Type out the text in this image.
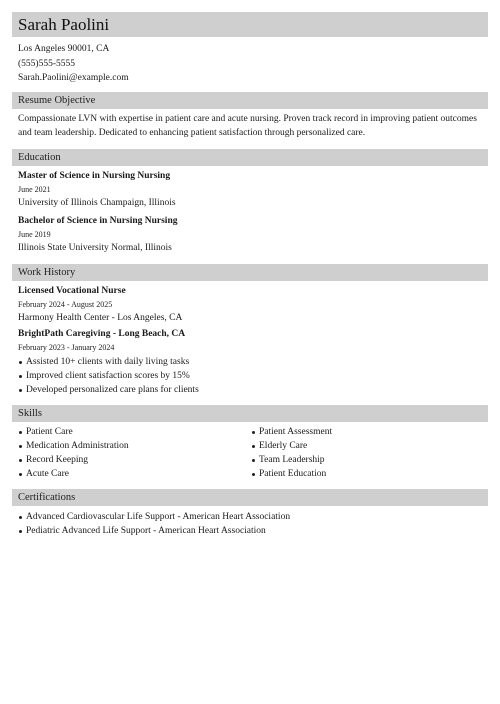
Sarah Paolini
Los Angeles 90001, CA
(555)555-5555
Sarah.Paolini@example.com
Resume Objective
Compassionate LVN with expertise in patient care and acute nursing. Proven track record in improving patient outcomes and team leadership. Dedicated to enhancing patient satisfaction through personalized care.
Education
Master of Science in Nursing Nursing
June 2021
University of Illinois Champaign, Illinois
Bachelor of Science in Nursing Nursing
June 2019
Illinois State University Normal, Illinois
Work History
Licensed Vocational Nurse
February 2024 - August 2025
Harmony Health Center - Los Angeles, CA
BrightPath Caregiving - Long Beach, CA
February 2023 - January 2024
Assisted 10+ clients with daily living tasks
Improved client satisfaction scores by 15%
Developed personalized care plans for clients
Skills
Patient Care
Medication Administration
Record Keeping
Acute Care
Patient Assessment
Elderly Care
Team Leadership
Patient Education
Certifications
Advanced Cardiovascular Life Support - American Heart Association
Pediatric Advanced Life Support - American Heart Association
